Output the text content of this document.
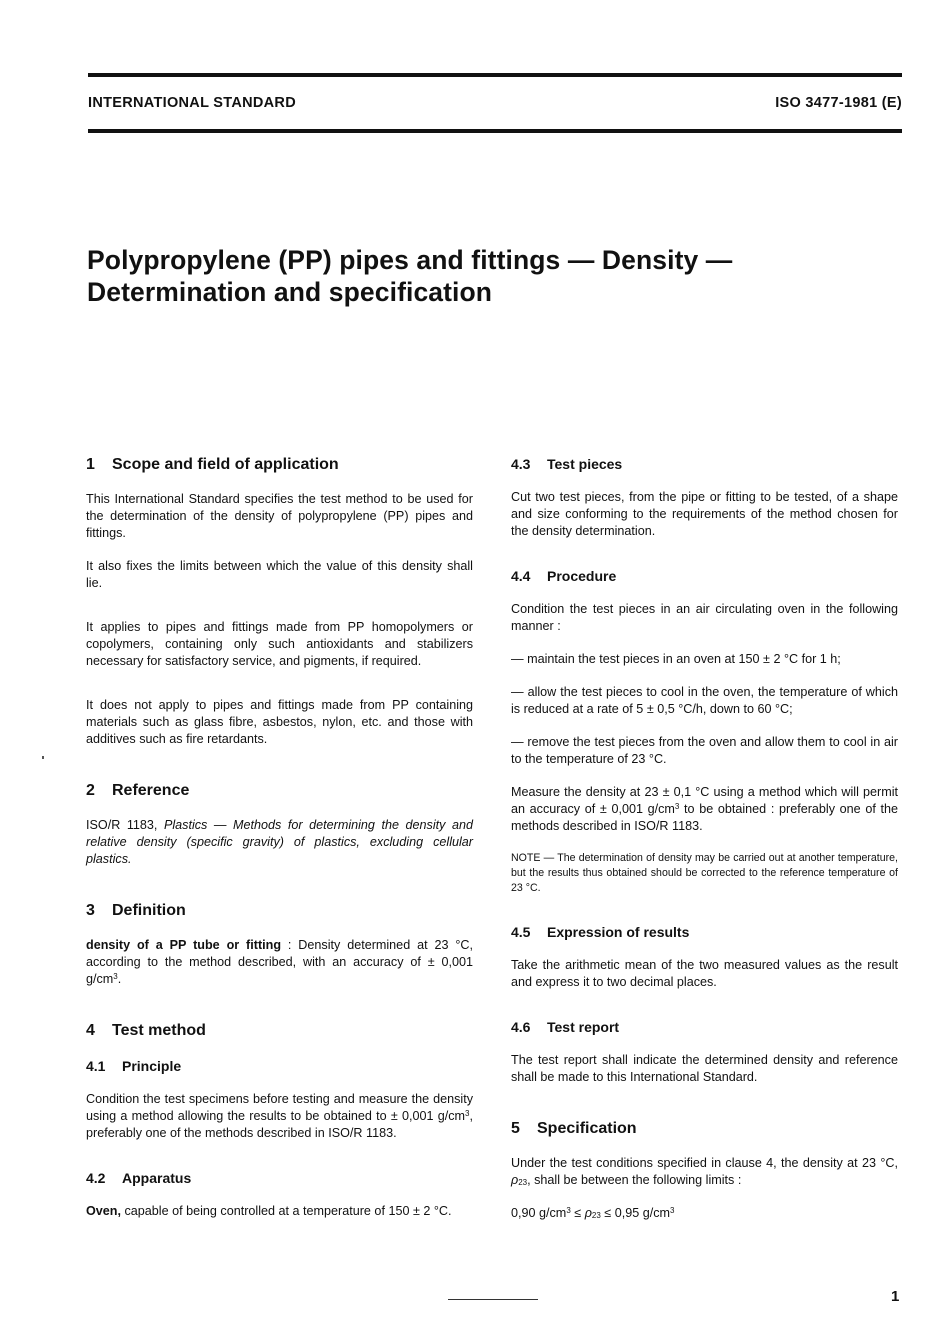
INTERNATIONAL STANDARD	ISO 3477-1981 (E)
Polypropylene (PP) pipes and fittings — Density —
Determination and specification
1 Scope and field of application

This International Standard specifies the test method to be used for the determination of the density of polypropylene (PP) pipes and fittings.

It also fixes the limits between which the value of this density shall lie.

It applies to pipes and fittings made from PP homopolymers or copolymers, containing only such antioxidants and stabilizers necessary for satisfactory service, and pigments, if required.

It does not apply to pipes and fittings made from PP containing materials such as glass fibre, asbestos, nylon, etc. and those with additives such as fire retardants.

2 Reference

ISO/R 1183, Plastics — Methods for determining the density and relative density (specific gravity) of plastics, excluding cellular plastics.

3 Definition

density of a PP tube or fitting : Density determined at 23 °C, according to the method described, with an accuracy of ± 0,001 $g/cm^3$.

4 Test method
4.1 Principle

Condition the test specimens before testing and measure the density using a method allowing the results to be obtained to ± 0,001 $g/cm^3$, preferably one of the methods described in ISO/R 1183.

4.2 Apparatus

Oven, capable of being controlled at a temperature of 150 ± 2 °C.

4.3 Test pieces

Cut two test pieces, from the pipe or fitting to be tested, of a shape and size conforming to the requirements of the method chosen for the density determination.

4.4 Procedure

Condition the test pieces in an air circulating oven in the following manner :

— maintain the test pieces in an oven at 150 ± 2 °C for 1 h;

— allow the test pieces to cool in the oven, the temperature of which is reduced at a rate of 5 ± 0,5 °C/h, down to 60 °C;

— remove the test pieces from the oven and allow them to cool in air to the temperature of 23 °C.

Measure the density at 23 ± 0,1 °C using a method which will permit an accuracy of ± 0,001 $g/cm^3$ to be obtained : preferably one of the methods described in ISO/R 1183.

NOTE — The determination of density may be carried out at another temperature, but the results thus obtained should be corrected to the reference temperature of 23 °C.

4.5 Expression of results

Take the arithmetic mean of the two measured values as the result and express it to two decimal places.

4.6 Test report

The test report shall indicate the determined density and reference shall be made to this International Standard.

5 Specification

Under the test conditions specified in clause 4, the density at 23 °C, $\rho_{23}$, shall be between the following limits :

0,90 $g/cm^3 \le \rho_{23} \le 0,95$ $g/cm^3$

1
